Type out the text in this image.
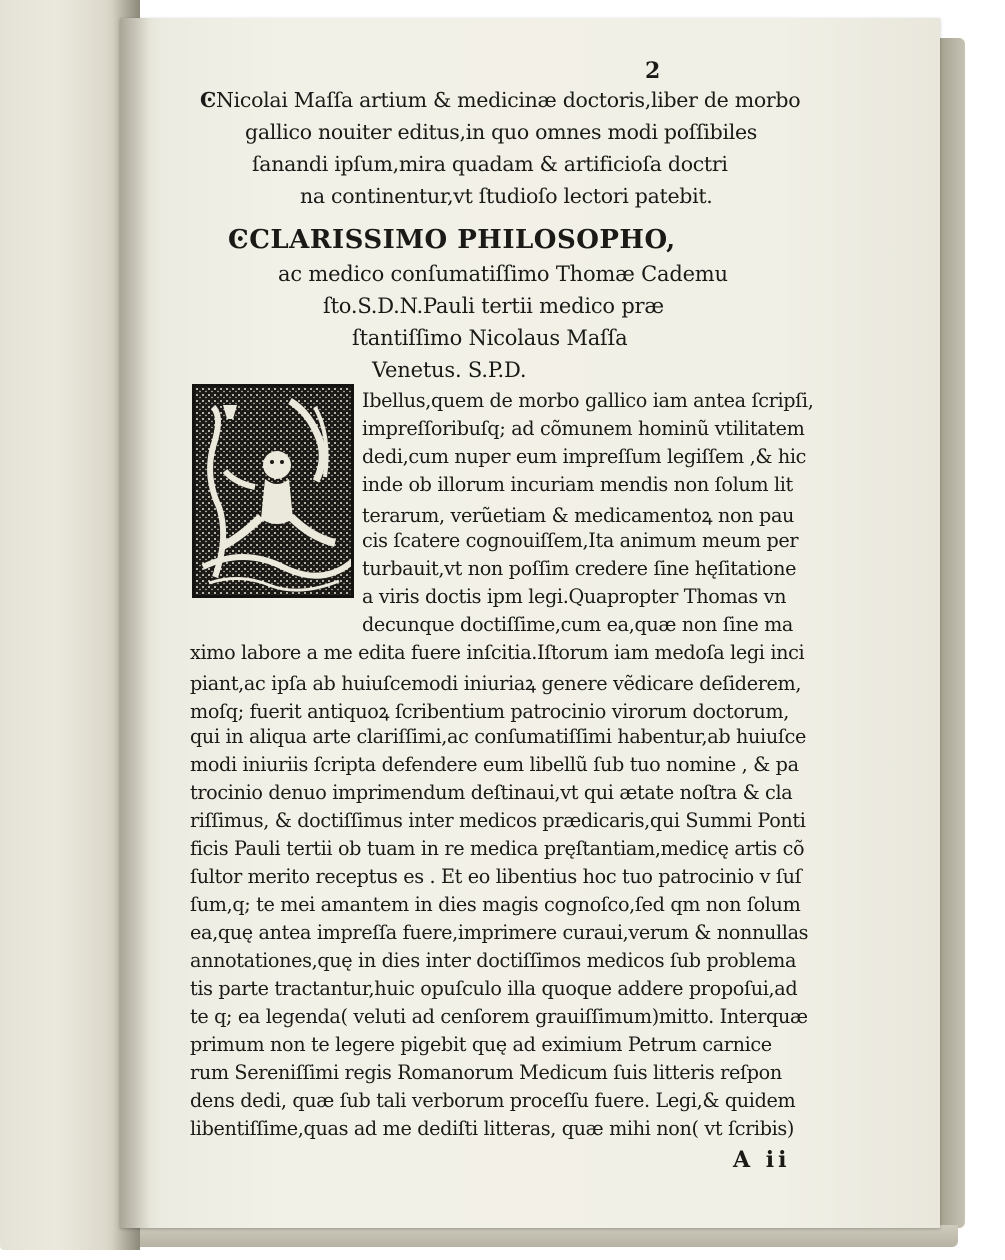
2
ϾNicolai Maſſa artium & medicinæ doctoris,liber de morbo
gallico nouiter editus,in quo omnes modi poſſibiles
ſanandi ipſum,mira quadam & artificioſa doctri
na continentur,vt ſtudioſo lectori patebit.
ϾCLARISSIMO PHILOSOPHO,
ac medico conſumatiſſimo Thomæ Cademu
ſto.S.D.N.Pauli tertii medico præ
ſtantiſſimo Nicolaus Maſſa
Venetus. S.P.D.
Ibellus,quem de morbo gallico iam antea ſcripſi,
impreſſoribuſq; ad cõmunem hominũ vtilitatem
dedi,cum nuper eum impreſſum legiſſem ,& hic
inde ob illorum incuriam mendis non ſolum lit
terarum, verũetiam & medicamentoꝝ non pau
cis ſcatere cognouiſſem,Ita animum meum per
turbauit,vt non poſſim credere ſine hęſitatione
a viris doctis ipm legi.Quapropter Thomas vn
decunque doctiſſime,cum ea,quæ non ſine ma
ximo labore a me edita fuere inſcitia.Iſtorum iam medoſa legi inci
piant,ac ipſa ab huiuſcemodi iniuriaꝝ genere vẽdicare deſiderem,
moſq; fuerit antiquoꝝ ſcribentium patrocinio virorum doctorum,
qui in aliqua arte clariſſimi,ac conſumatiſſimi habentur,ab huiuſce
modi iniuriis ſcripta defendere eum libellũ ſub tuo nomine , & pa
trocinio denuo imprimendum deſtinaui,vt qui ætate noſtra & cla
riſſimus, & doctiſſimus inter medicos prædicaris,qui Summi Ponti
ficis Pauli tertii ob tuam in re medica pręſtantiam,medicę artis cõ
ſultor merito receptus es . Et eo libentius hoc tuo patrocinio v ſuſ
ſum,q; te mei amantem in dies magis cognoſco,ſed qm non ſolum
ea,quę antea impreſſa fuere,imprimere curaui,verum & nonnullas
annotationes,quę in dies inter doctiſſimos medicos ſub problema
tis parte tractantur,huic opuſculo illa quoque addere propoſui,ad
te q; ea legenda( veluti ad cenſorem grauiſſimum)mitto. Interquæ
primum non te legere pigebit quę ad eximium Petrum carnice
rum Sereniſſimi regis Romanorum Medicum ſuis litteris reſpon
dens dedi, quæ ſub tali verborum proceſſu fuere. Legi,& quidem
libentiſſime,quas ad me dediſti litteras, quæ mihi non( vt ſcribis)
A ii
